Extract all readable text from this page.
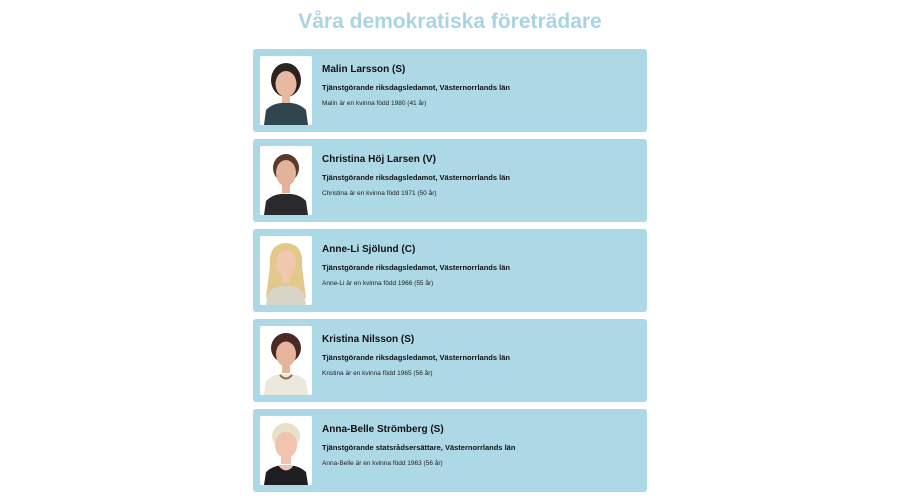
Våra demokratiska företrädare
Malin Larsson (S)
Tjänstgörande riksdagsledamot, Västernorrlands län
Malin är en kvinna född 1980 (41 år)
Christina Höj Larsen (V)
Tjänstgörande riksdagsledamot, Västernorrlands län
Christina är en kvinna född 1971 (50 år)
Anne-Li Sjölund (C)
Tjänstgörande riksdagsledamot, Västernorrlands län
Anne-Li är en kvinna född 1966 (55 år)
Kristina Nilsson (S)
Tjänstgörande riksdagsledamot, Västernorrlands län
Kristina är en kvinna född 1965 (56 år)
Anna-Belle Strömberg (S)
Tjänstgörande statsrådsersättare, Västernorrlands län
Anna-Belle är en kvinna född 1963 (56 år)
